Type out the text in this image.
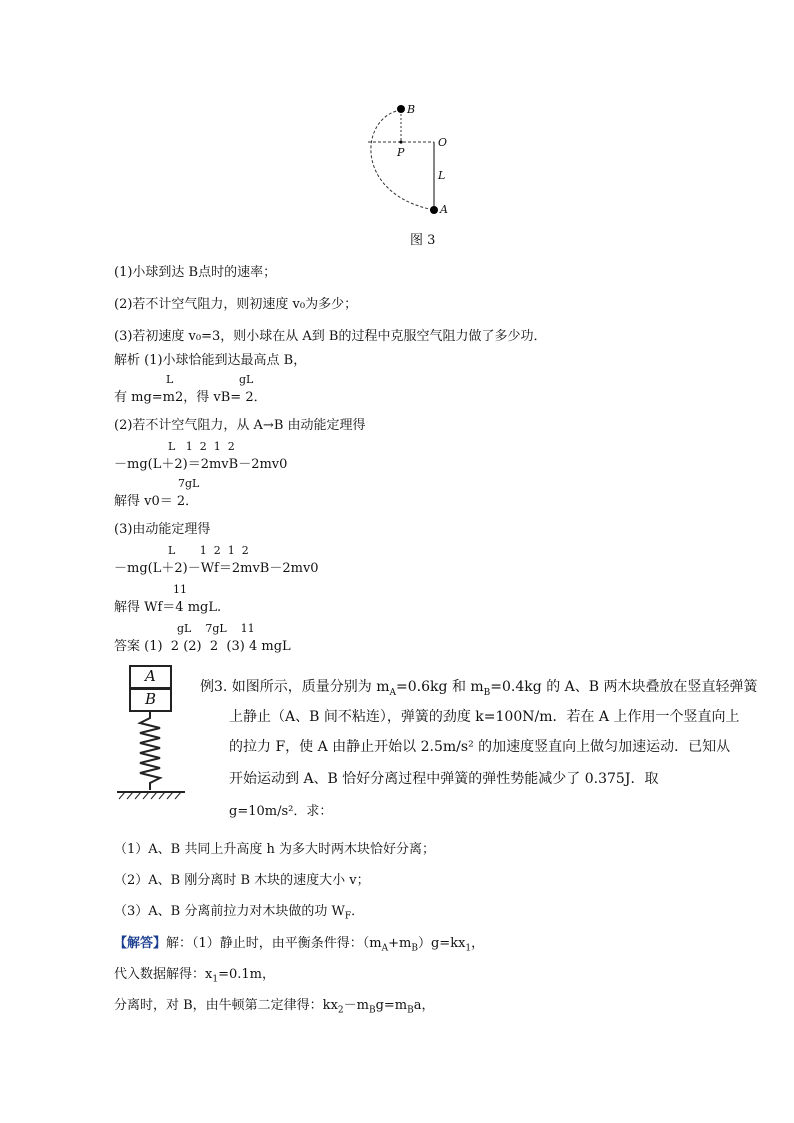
B
P
O
L
A
图 3
(1)小球到达 B点时的速率；
(2)若不计空气阻力，则初速度 v₀为多少；
(3)若初速度 v₀=3，则小球在从 A到 B的过程中克服空气阻力做了多少功．
解析 (1)小球恰能到达最高点 B，
L	gL
有 mg=m2，得 vB= 2．
(2)若不计空气阻力，从 A→B 由动能定理得
L   1  2  1  2
－mg(L＋2)＝2mvB－2mv0
7gL
解得 v0＝ 2．
(3)由动能定理得
L       1  2  1  2
－mg(L＋2)－Wf＝2mvB－2mv0
11
解得 Wf＝4 mgL.
gL    7gL    11
答案 (1)  2 (2)  2  (3) 4 mgL
A
B
例3. 如图所示，质量分别为 $m_A=0.6kg$ 和 $m_B=0.4kg$ 的 A、B 两木块叠放在竖直轻弹簧
上静止（A、B 间不粘连），弹簧的劲度 k=100N/m．若在 A 上作用一个竖直向上
的拉力 F，使 A 由静止开始以 2.5m/s² 的加速度竖直向上做匀加速运动．已知从
开始运动到 A、B 恰好分离过程中弹簧的弹性势能减少了 0.375J．取
g=10m/s²．求：
（1）A、B 共同上升高度 h 为多大时两木块恰好分离；
（2）A、B 刚分离时 B 木块的速度大小 v；
（3）A、B 分离前拉力对木块做的功 $W_F$．
【解答】解：（1）静止时，由平衡条件得：$(m_A+m_B)g=kx_1$，
代入数据解得：$x_1=0.1m$，
分离时，对 B，由牛顿第二定律得：$kx_2-m_Bg=m_Ba$，
